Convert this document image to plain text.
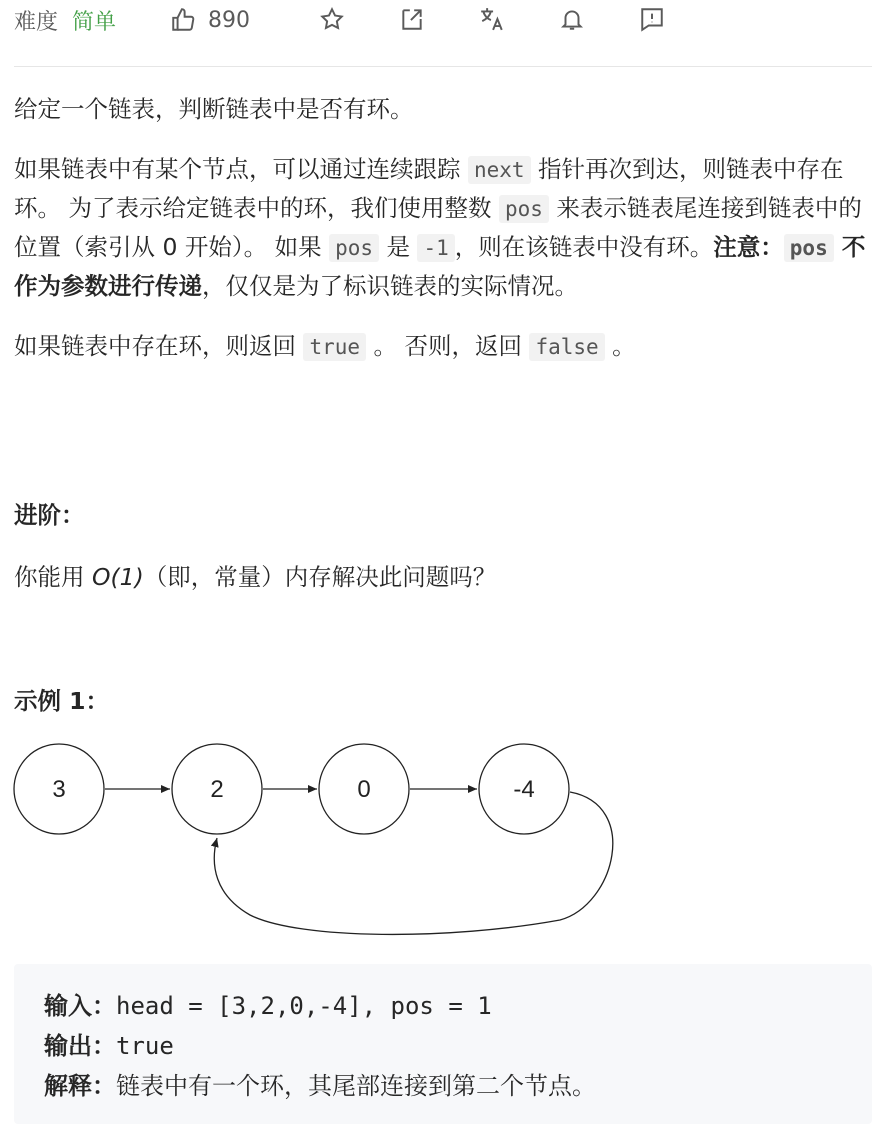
难度 简单	890

给定一个链表，判断链表中是否有环。

如果链表中有某个节点，可以通过连续跟踪 next 指针再次到达，则链表中存在环。 为了表示给定链表中的环，我们使用整数 pos 来表示链表尾连接到链表中的位置（索引从 0 开始）。 如果 pos 是 -1 ，则在该链表中没有环。注意： pos 不作为参数进行传递，仅仅是为了标识链表的实际情况。

如果链表中存在环，则返回 true 。 否则，返回 false 。

进阶：
你能用 O(1)（即，常量）内存解决此问题吗？
示例 1：
3	2	0	-4
输入：head = [3,2,0,-4], pos = 1
输出：true
解释：链表中有一个环，其尾部连接到第二个节点。
